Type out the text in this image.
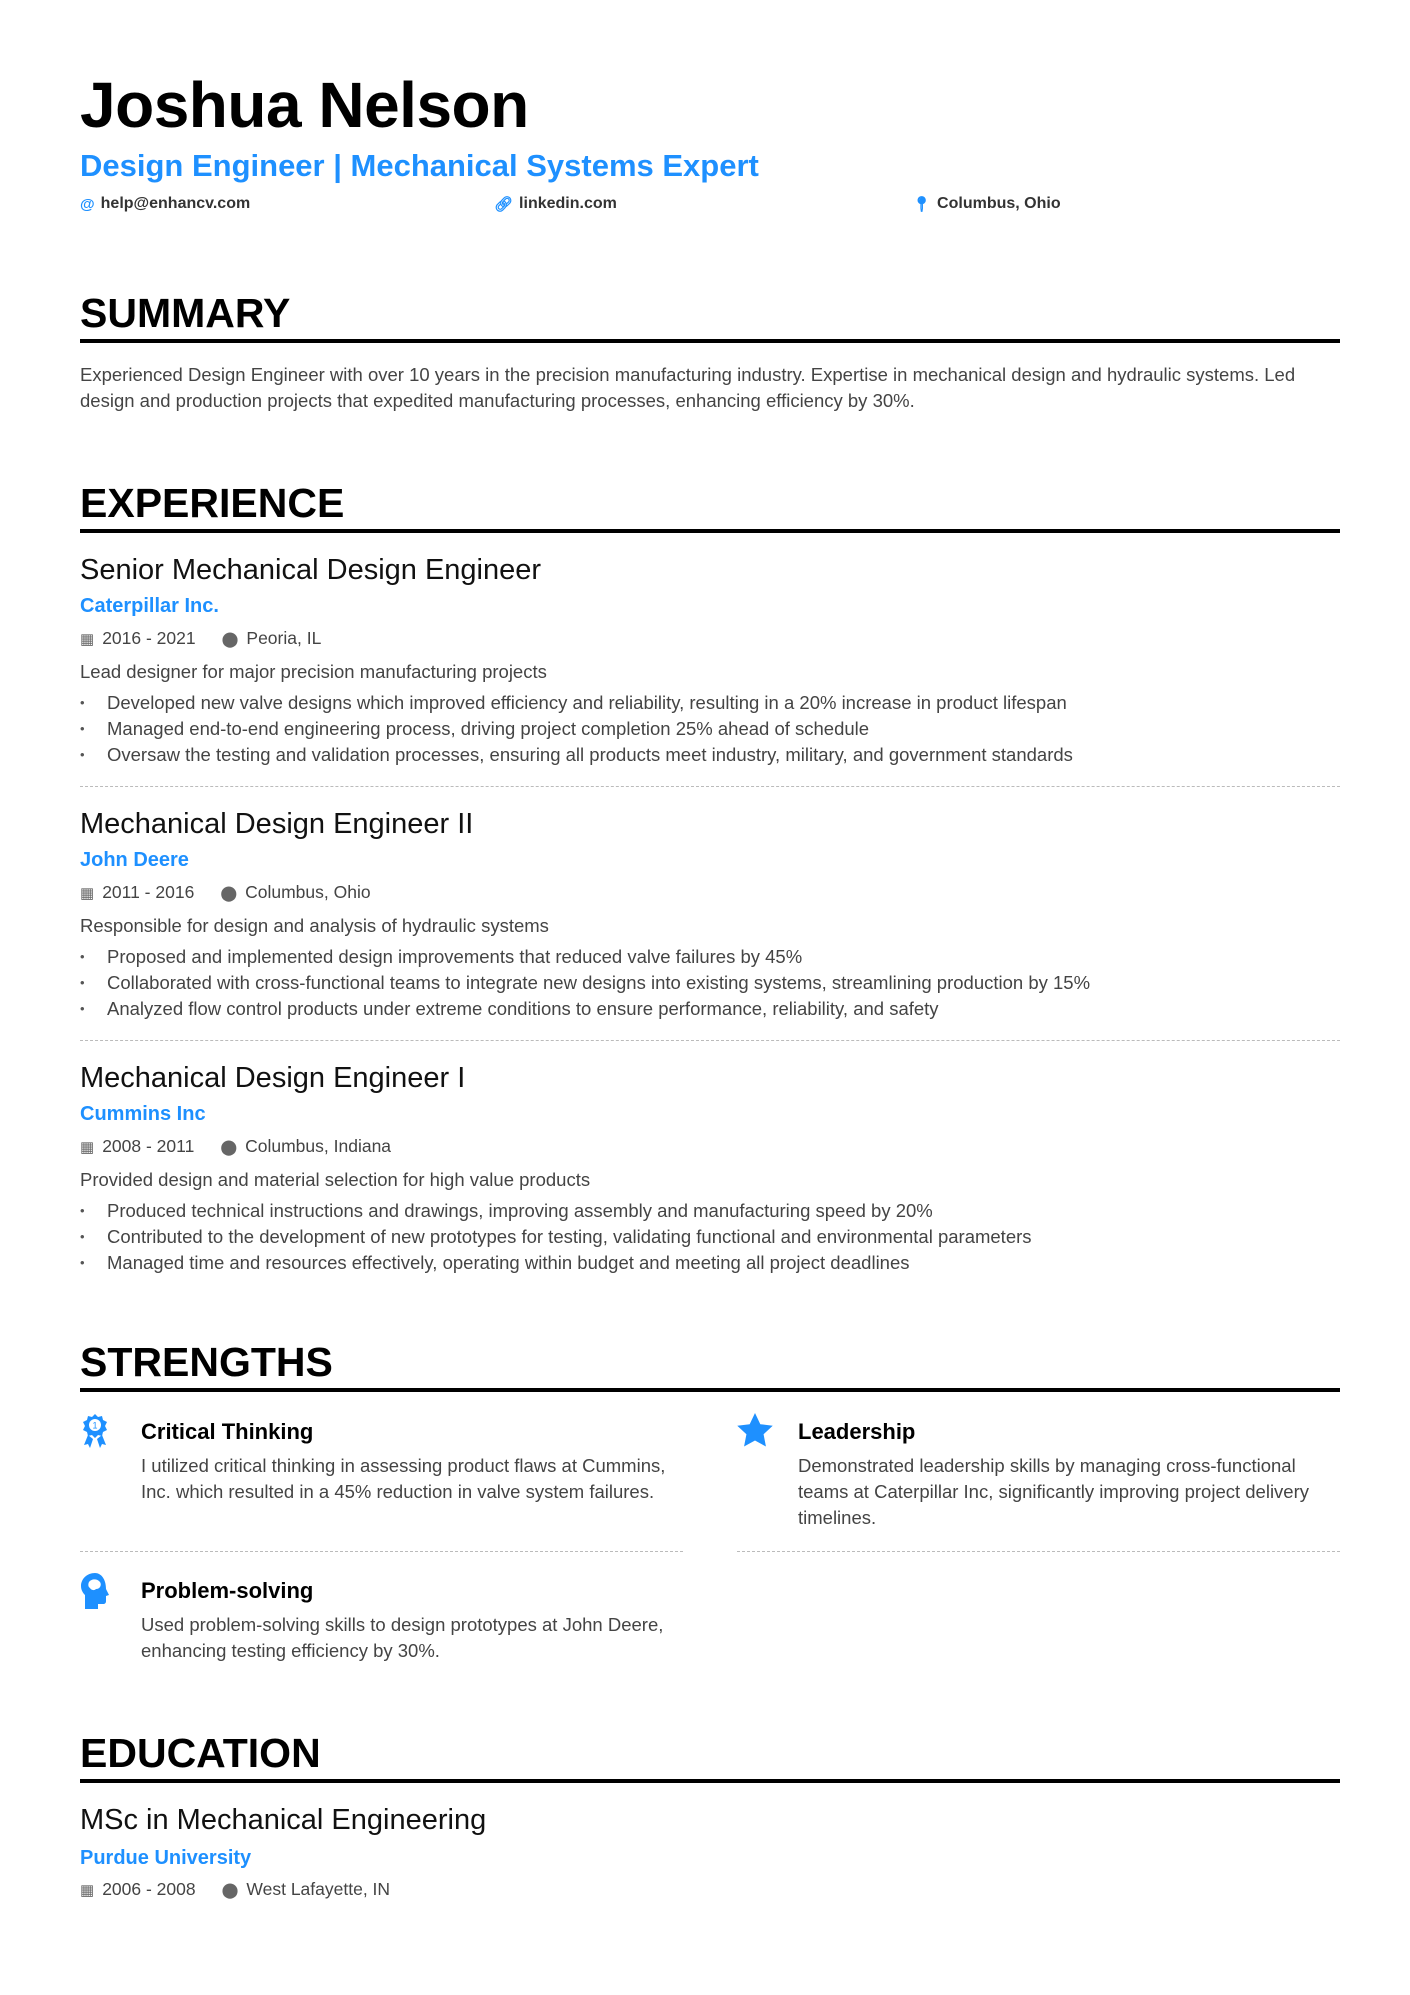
Joshua Nelson
Design Engineer | Mechanical Systems Expert
@ help@enhancv.com	🔗︎ linkedin.com	📍︎ Columbus, Ohio
SUMMARY
Experienced Design Engineer with over 10 years in the precision manufacturing industry. Expertise in mechanical design and hydraulic systems. Led design and production projects that expedited manufacturing processes, enhancing efficiency by 30%.
EXPERIENCE
Senior Mechanical Design Engineer
Caterpillar Inc.
▦ 2016 - 2021 ⬤ Peoria, IL
Lead designer for major precision manufacturing projects
• Developed new valve designs which improved efficiency and reliability, resulting in a 20% increase in product lifespan
• Managed end-to-end engineering process, driving project completion 25% ahead of schedule
• Oversaw the testing and validation processes, ensuring all products meet industry, military, and government standards
Mechanical Design Engineer II
John Deere
▦ 2011 - 2016 ⬤ Columbus, Ohio
Responsible for design and analysis of hydraulic systems
• Proposed and implemented design improvements that reduced valve failures by 45%
• Collaborated with cross-functional teams to integrate new designs into existing systems, streamlining production by 15%
• Analyzed flow control products under extreme conditions to ensure performance, reliability, and safety
Mechanical Design Engineer I
Cummins Inc
▦ 2008 - 2011 ⬤ Columbus, Indiana
Provided design and material selection for high value products
• Produced technical instructions and drawings, improving assembly and manufacturing speed by 20%
• Contributed to the development of new prototypes for testing, validating functional and environmental parameters
• Managed time and resources effectively, operating within budget and meeting all project deadlines
STRENGTHS
1 Critical Thinking
I utilized critical thinking in assessing product flaws at Cummins, Inc. which resulted in a 45% reduction in valve system failures.
Leadership
Demonstrated leadership skills by managing cross-functional teams at Caterpillar Inc, significantly improving project delivery timelines.
Problem-solving
Used problem-solving skills to design prototypes at John Deere, enhancing testing efficiency by 30%.
EDUCATION
MSc in Mechanical Engineering
Purdue University
▦ 2006 - 2008 ⬤ West Lafayette, IN
